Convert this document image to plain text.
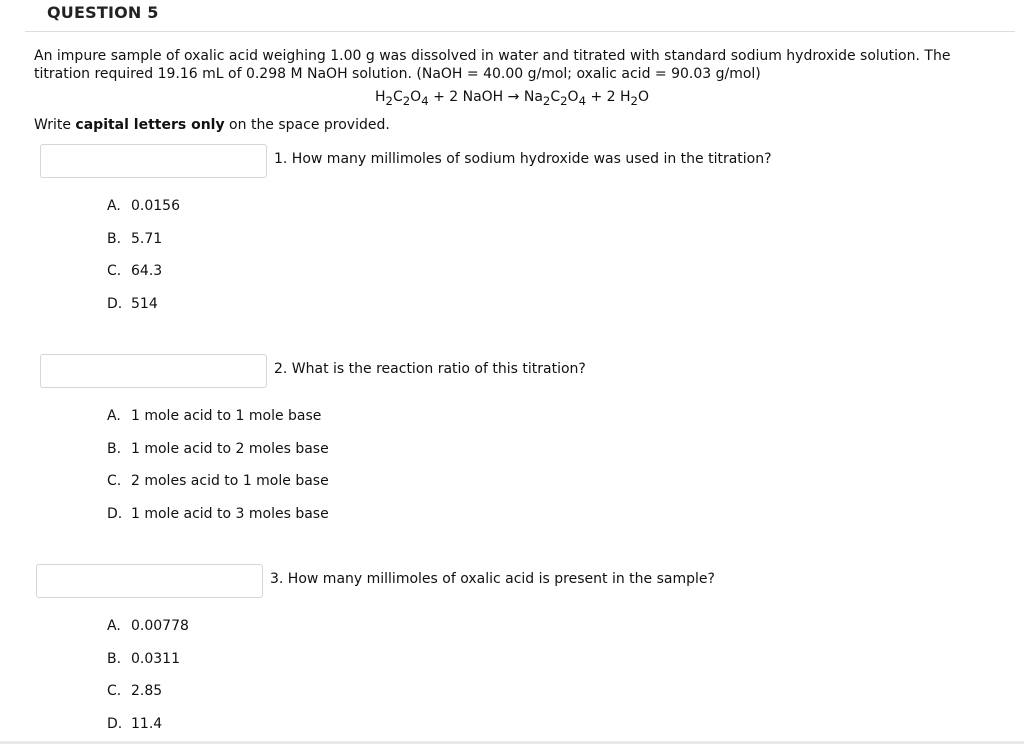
QUESTION 5
An impure sample of oxalic acid weighing 1.00 g was dissolved in water and titrated with standard sodium hydroxide solution. The titration required 19.16 mL of 0.298 M NaOH solution. (NaOH = 40.00 g/mol; oxalic acid = 90.03 g/mol)
$H_2C_2O_4 + 2$ NaOH → $Na_2C_2O_4 + 2$ $H_2O$
Write capital letters only on the space provided.
1. How many millimoles of sodium hydroxide was used in the titration?
A. 0.0156
B. 5.71
C. 64.3
D. 514
2. What is the reaction ratio of this titration?
A. 1 mole acid to 1 mole base
B. 1 mole acid to 2 moles base
C. 2 moles acid to 1 mole base
D. 1 mole acid to 3 moles base
3. How many millimoles of oxalic acid is present in the sample?
A. 0.00778
B. 0.0311
C. 2.85
D. 11.4
